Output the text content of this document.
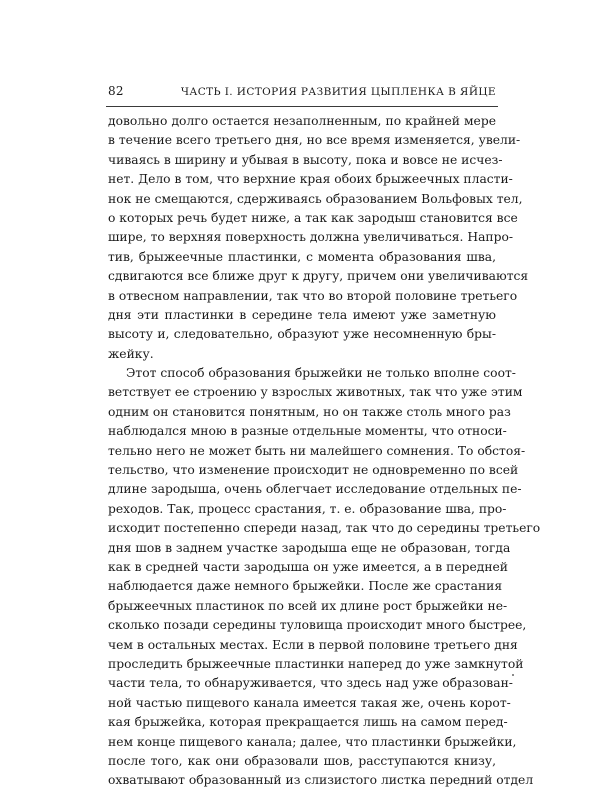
82	ЧАСТЬ I. ИСТОРИЯ РАЗВИТИЯ ЦЫПЛЕНКА В ЯЙЦЕ
довольно долго остается незаполненным, по крайней мере
в течение всего третьего дня, но все время изменяется, увели-
чиваясь в ширину и убывая в высоту, пока и вовсе не исчез-
нет. Дело в том, что верхние края обоих брыжеечных пласти-
нок не смещаются, сдерживаясь образованием Вольфовых тел,
о которых речь будет ниже, а так как зародыш становится все
шире, то верхняя поверхность должна увеличиваться. Напро-
тив, брыжеечные пластинки, с момента образования шва,
сдвигаются все ближе друг к другу, причем они увеличиваются
в отвесном направлении, так что во второй половине третьего
дня эти пластинки в середине тела имеют уже заметную
высоту и, следовательно, образуют уже несомненную бры-
жейку.
Этот способ образования брыжейки не только вполне соот-
ветствует ее строению у взрослых животных, так что уже этим
одним он становится понятным, но он также столь много раз
наблюдался мною в разные отдельные моменты, что относи-
тельно него не может быть ни малейшего сомнения. То обстоя-
тельство, что изменение происходит не одновременно по всей
длине зародыша, очень облегчает исследование отдельных пе-
реходов. Так, процесс срастания, т. е. образование шва, про-
исходит постепенно спереди назад, так что до середины третьего
дня шов в заднем участке зародыша еще не образован, тогда
как в средней части зародыша он уже имеется, а в передней
наблюдается даже немного брыжейки. После же срастания
брыжеечных пластинок по всей их длине рост брыжейки не-
сколько позади середины туловища происходит много быстрее,
чем в остальных местах. Если в первой половине третьего дня
проследить брыжеечные пластинки наперед до уже замкнутой
части тела, то обнаруживается, что здесь над уже образован-
ной частью пищевого канала имеется такая же, очень корот-
кая брыжейка, которая прекращается лишь на самом перед-
нем конце пищевого канала; далее, что пластинки брыжейки,
после того, как они образовали шов, расступаются книзу,
охватывают образованный из слизистого листка передний отдел
